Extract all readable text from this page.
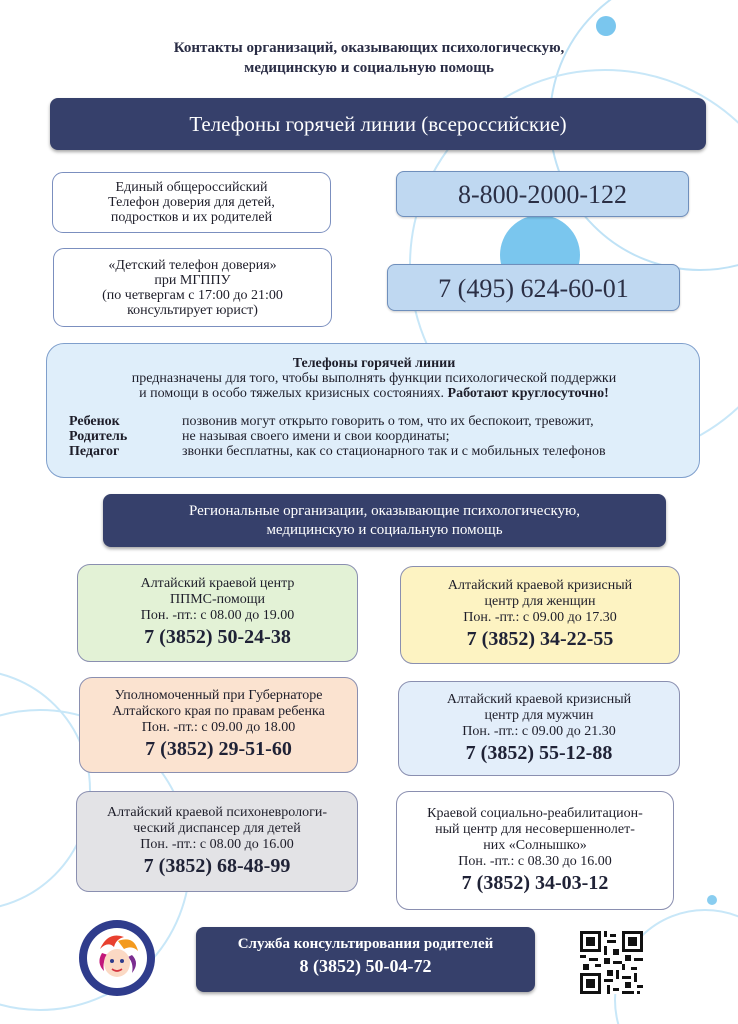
Контакты организаций, оказывающих психологическую,
медицинскую и социальную помощь
Телефоны горячей линии (всероссийские)
Единый общероссийский
Телефон доверия для детей,
подростков и их родителей
8-800-2000-122
«Детский телефон доверия»
при МГППУ
(по четвергам с 17:00 до 21:00
консультирует юрист)
7 (495) 624-60-01
Телефоны горячей линии
предназначены для того, чтобы выполнять функции психологической поддержки
и помощи в особо тяжелых кризисных состояниях. Работают круглосуточно!
Ребенок
Родитель
Педагог
позвонив могут открыто говорить о том, что их беспокоит, тревожит,
не называя своего имени и свои координаты;
звонки бесплатны, как со стационарного так и с мобильных телефонов
Региональные организации, оказывающие психологическую,
медицинскую и социальную помощь
Алтайский краевой центр
ППМС-помощи
Пон. -пт.: с 08.00 до 19.00
7 (3852) 50-24-38
Алтайский краевой кризисный
центр для женщин
Пон. -пт.: с 09.00 до 17.30
7 (3852) 34-22-55
Уполномоченный при Губернаторе
Алтайского края по правам ребенка
Пон. -пт.: с 09.00 до 18.00
7 (3852) 29-51-60
Алтайский краевой кризисный
центр для мужчин
Пон. -пт.: с 09.00 до 21.30
7 (3852) 55-12-88
Алтайский краевой психоневрологи-
ческий диспансер для детей
Пон. -пт.: с 08.00 до 16.00
7 (3852) 68-48-99
Краевой социально-реабилитацион-
ный центр для несовершеннолет-
них «Солнышко»
Пон. -пт.: с 08.30 до 16.00
7 (3852) 34-03-12
Служба консультирования родителей
8 (3852) 50-04-72
